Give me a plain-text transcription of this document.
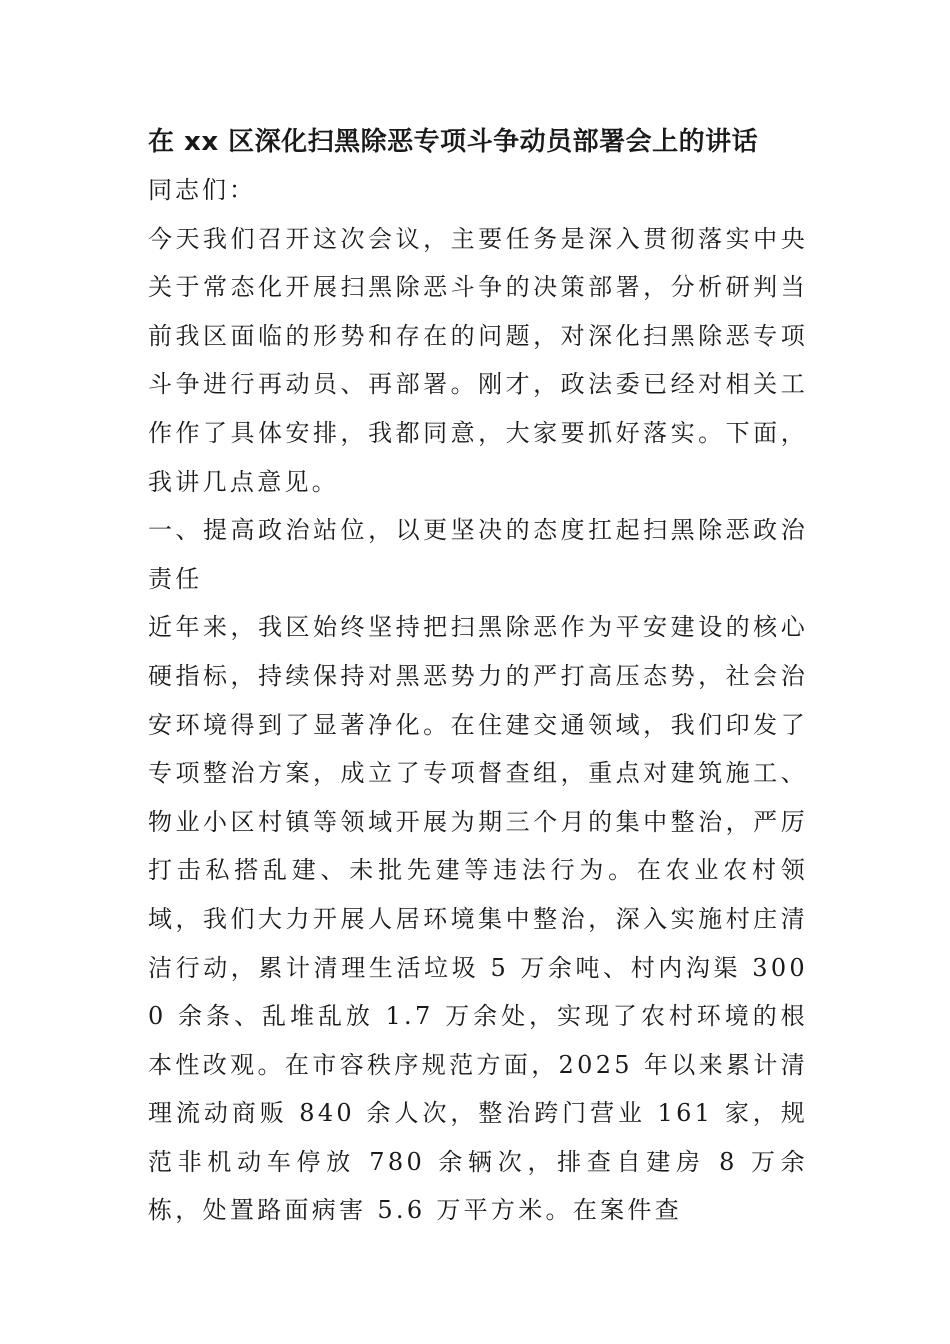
在 xx 区深化扫黑除恶专项斗争动员部署会上的讲话

同志们：

今天我们召开这次会议，主要任务是深入贯彻落实中央关于常态化开展扫黑除恶斗争的决策部署，分析研判当前我区面临的形势和存在的问题，对深化扫黑除恶专项斗争进行再动员、再部署。刚才，政法委已经对相关工作作了具体安排，我都同意，大家要抓好落实。下面，我讲几点意见。

一、提高政治站位，以更坚决的态度扛起扫黑除恶政治责任

近年来，我区始终坚持把扫黑除恶作为平安建设的核心硬指标，持续保持对黑恶势力的严打高压态势，社会治安环境得到了显著净化。在住建交通领域，我们印发了专项整治方案，成立了专项督查组，重点对建筑施工、物业小区村镇等领域开展为期三个月的集中整治，严厉打击私搭乱建、未批先建等违法行为。在农业农村领域，我们大力开展人居环境集中整治，深入实施村庄清洁行动，累计清理生活垃圾 5 万余吨、村内沟渠 3000 余条、乱堆乱放 1.7 万余处，实现了农村环境的根本性改观。在市容秩序规范方面，2025 年以来累计清理流动商贩 840 余人次，整治跨门营业 161 家，规范非机动车停放 780 余辆次，排查自建房 8 万余栋，处置路面病害 5.6 万平方米。在案件查
